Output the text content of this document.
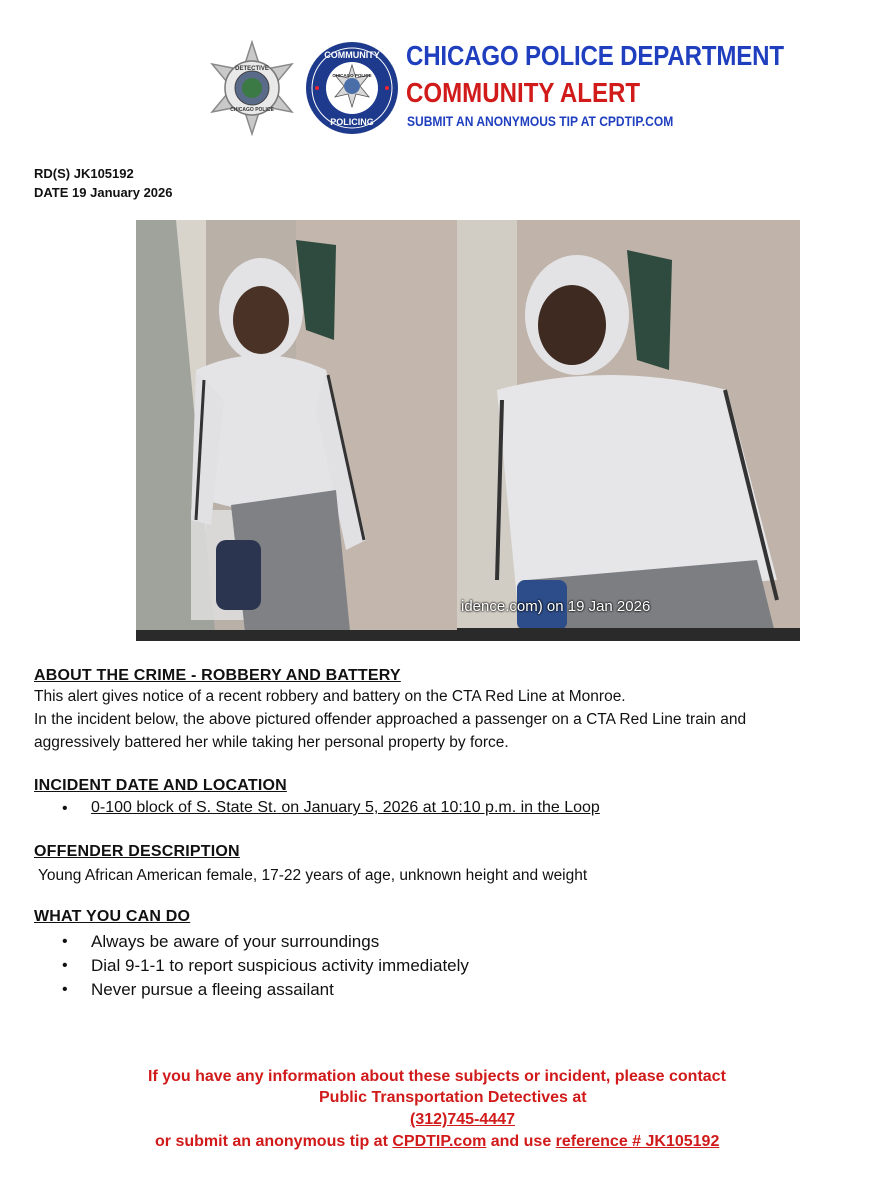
DETECTIVE
CHICAGO POLICE
COMMUNITY
CHICAGO POLICE
POLICING
CHICAGO POLICE DEPARTMENT
COMMUNITY ALERT
SUBMIT AN ANONYMOUS TIP AT CPDTIP.COM
RD(S) JK105192
DATE 19 January 2026
idence.com) on 19 Jan 2026
ABOUT THE CRIME - ROBBERY AND BATTERY
This alert gives notice of a recent robbery and battery on the CTA Red Line at Monroe.
In the incident below, the above pictured offender approached a passenger on a CTA Red Line train and
aggressively battered her while taking her personal property by force.
INCIDENT DATE AND LOCATION
• 0-100 block of S. State St. on January 5, 2026 at 10:10 p.m. in the Loop
OFFENDER DESCRIPTION
Young African American female, 17-22 years of age, unknown height and weight
WHAT YOU CAN DO
• Always be aware of your surroundings
• Dial 9-1-1 to report suspicious activity immediately
• Never pursue a fleeing assailant
If you have any information about these subjects or incident, please contact
Public Transportation Detectives at
(312)745-4447
or submit an anonymous tip at CPDTIP.com and use reference # JK105192
